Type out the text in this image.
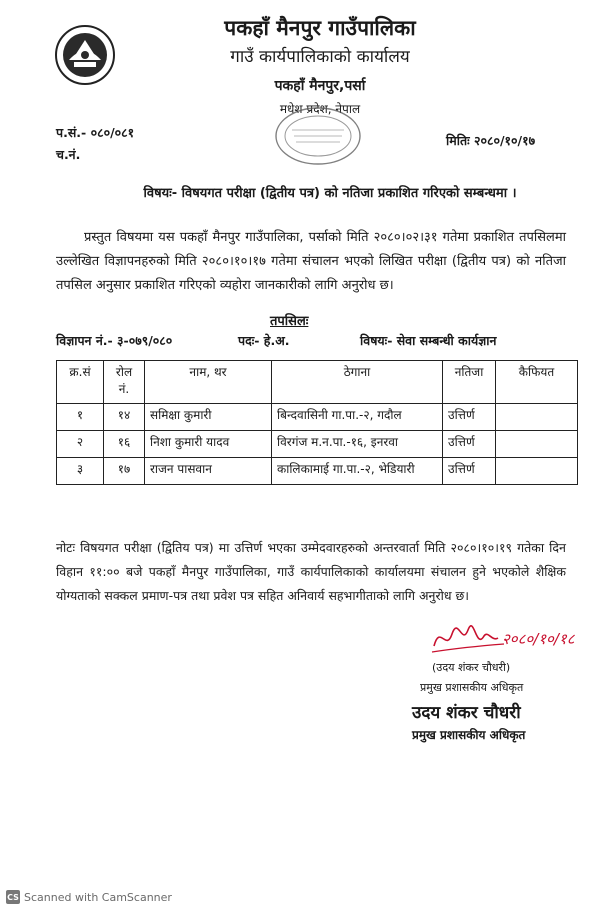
पकहाँ मैनपुर गाउँपालिका
गाउँ कार्यपालिकाको कार्यालय
पकहाँ मैनपुर,पर्सा
मधेश प्रदेश, नेपाल
प.सं.- ०८०/०८१
च.नं.
मितिः २०८०/१०/१७
विषयः- विषयगत परीक्षा (द्वितीय पत्र) को नतिजा प्रकाशित गरिएको सम्बन्धमा ।
प्रस्तुत विषयमा यस पकहाँ मैनपुर गाउँपालिका, पर्साको मिति २०८०।०२।३१ गतेमा प्रकाशित तपसिलमा उल्लेखित विज्ञापनहरुको मिति २०८०।१०।१७ गतेमा संचालन भएको लिखित परीक्षा (द्वितीय पत्र) को नतिजा तपसिल अनुसार प्रकाशित गरिएको व्यहोरा जानकारीको लागि अनुरोध छ।
तपसिलः
विज्ञापन नं.- ३-०७९/०८०	पदः- हे.अ.	विषयः- सेवा सम्बन्धी कार्यज्ञान
क्र.सं	रोल नं.	नाम, थर	ठेगाना	नतिजा	कैफियत
१	१४	समिक्षा कुमारी	बिन्दवासिनी गा.पा.-२, गदौल	उत्तिर्ण	
२	१६	निशा कुमारी यादव	विरगंज म.न.पा.-१६, इनरवा	उत्तिर्ण	
३	१७	राजन पासवान	कालिकामाई गा.पा.-२, भेडियारी	उत्तिर्ण	
नोटः विषयगत परीक्षा (द्वितिय पत्र) मा उत्तिर्ण भएका उम्मेदवारहरुको अन्तरवार्ता मिति २०८०।१०।१९ गतेका दिन विहान ११:०० बजे पकहाँ मैनपुर गाउँपालिका, गाउँ कार्यपालिकाको कार्यालयमा संचालन हुने भएकोले शैक्षिक योग्यताको सक्कल प्रमाण-पत्र तथा प्रवेश पत्र सहित अनिवार्य सहभागीताको लागि अनुरोध छ।
२०८०/१०/१८
(उदय शंकर चौधरी)
प्रमुख प्रशासकीय अधिकृत
उदय शंकर चौधरी
प्रमुख प्रशासकीय अधिकृत
CS Scanned with CamScanner
